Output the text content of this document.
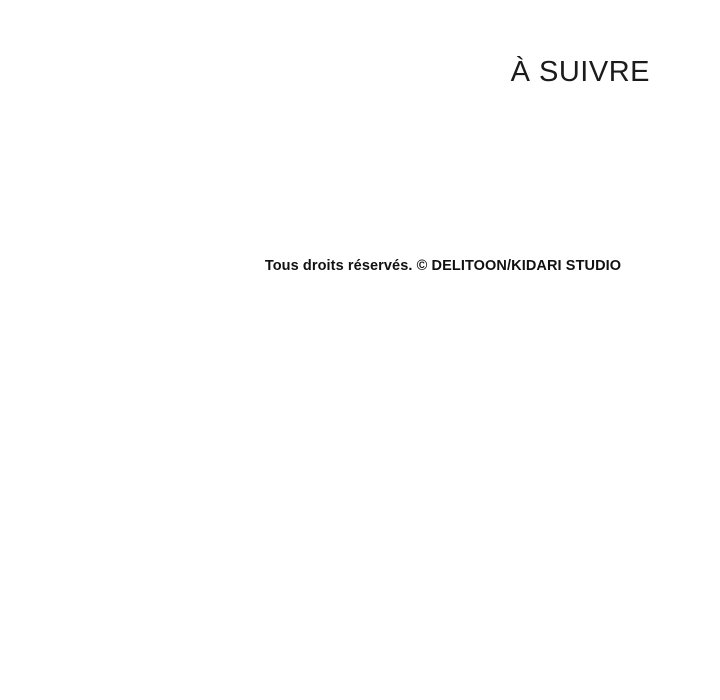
À SUIVRE
Tous droits réservés. © DELITOON/KIDARI STUDIO
